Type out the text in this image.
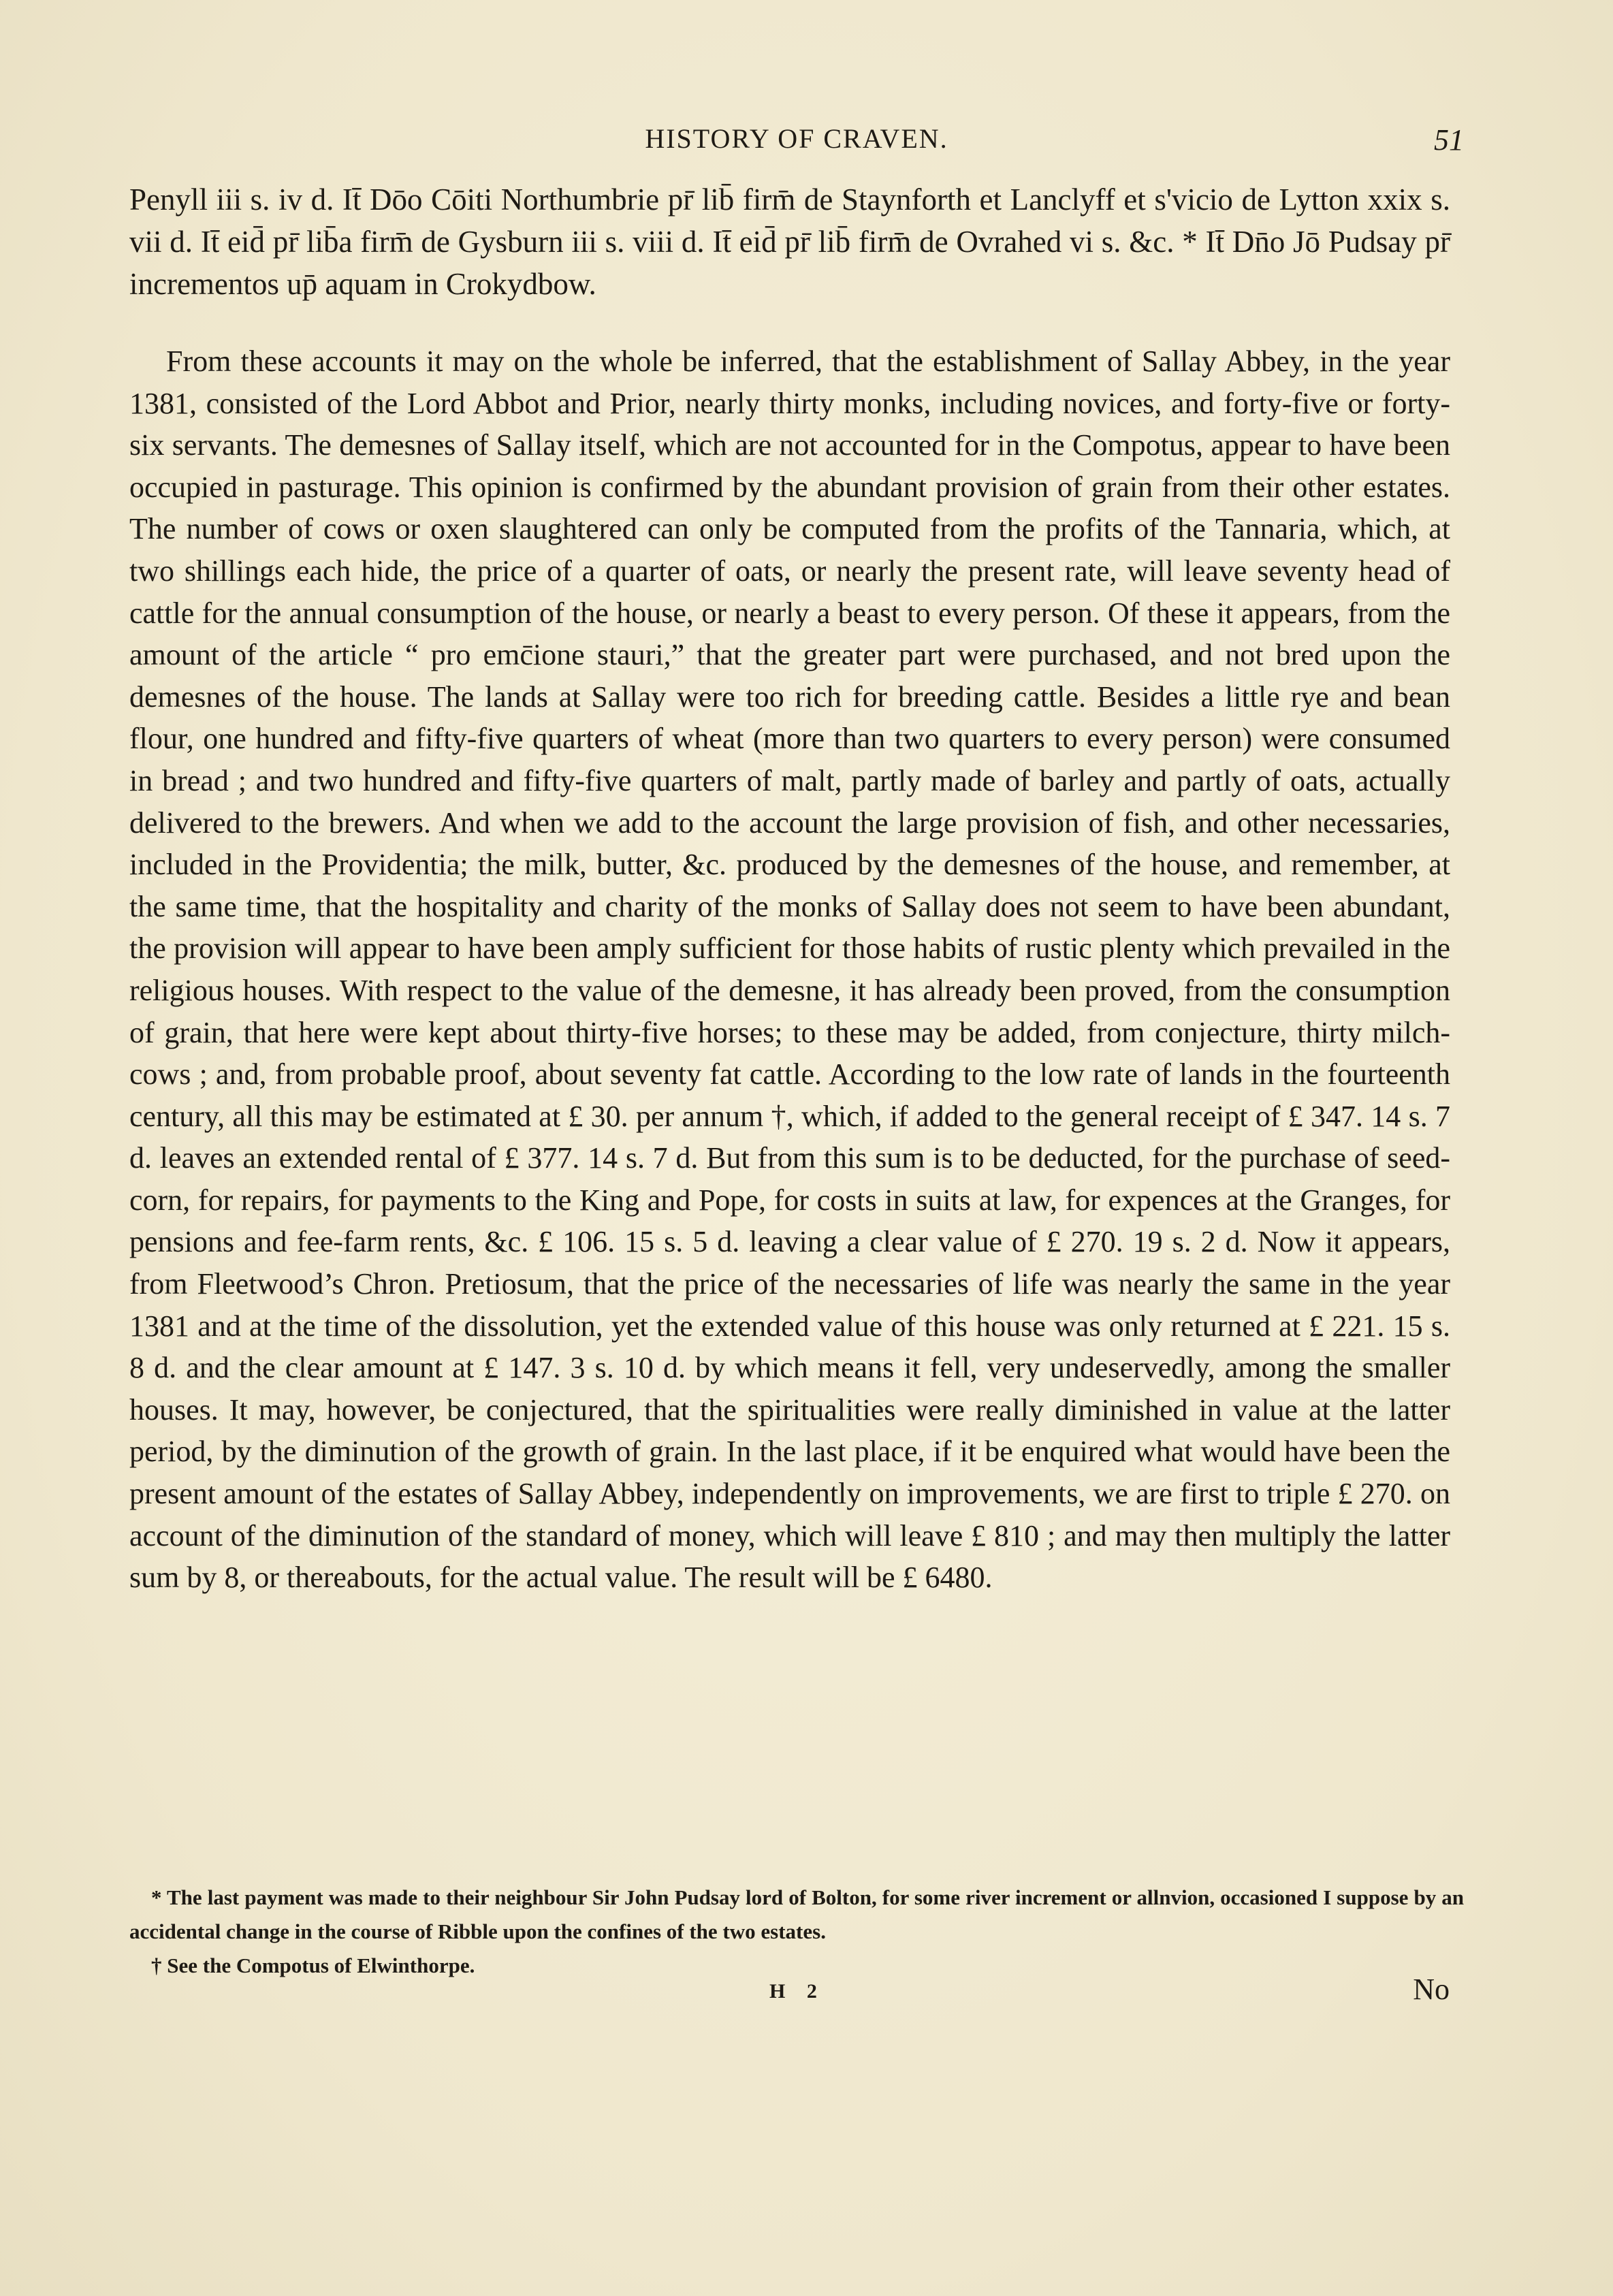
HISTORY OF CRAVEN.	51

Penyll iii s. iv d. It̄ Dōo Cōiti Northumbrie pr̄ lib̄ firm̄ de Staynforth et Lanclyff et s'vicio de Lytton xxix s. vii d. It̄ eid̄ pr̄ lib̄a firm̄ de Gysburn iii s. viii d. It̄ eid̄ pr̄ lib̄ firm̄ de Ovrahed vi s. &c. * It̄ Dn̄o Jō Pudsay pr̄ incrementos up̄ aquam in Crokydbow.

From these accounts it may on the whole be inferred, that the establishment of Sallay Abbey, in the year 1381, consisted of the Lord Abbot and Prior, nearly thirty monks, including novices, and forty-five or forty-six servants. The demesnes of Sallay itself, which are not accounted for in the Compotus, appear to have been occupied in pasturage. This opinion is confirmed by the abundant provision of grain from their other estates. The number of cows or oxen slaughtered can only be computed from the profits of the Tannaria, which, at two shillings each hide, the price of a quarter of oats, or nearly the present rate, will leave seventy head of cattle for the annual consumption of the house, or nearly a beast to every person. Of these it appears, from the amount of the article “ pro emc̄ione stauri,” that the greater part were purchased, and not bred upon the demesnes of the house. The lands at Sallay were too rich for breeding cattle. Besides a little rye and bean flour, one hundred and fifty-five quarters of wheat (more than two quarters to every person) were consumed in bread ; and two hundred and fifty-five quarters of malt, partly made of barley and partly of oats, actually delivered to the brewers. And when we add to the account the large provision of fish, and other necessaries, included in the Providentia; the milk, butter, &c. produced by the demesnes of the house, and remember, at the same time, that the hospitality and charity of the monks of Sallay does not seem to have been abundant, the provision will appear to have been amply sufficient for those habits of rustic plenty which prevailed in the religious houses. With respect to the value of the demesne, it has already been proved, from the consumption of grain, that here were kept about thirty-five horses; to these may be added, from conjecture, thirty milch-cows ; and, from probable proof, about seventy fat cattle. According to the low rate of lands in the fourteenth century, all this may be estimated at £ 30. per annum †, which, if added to the general receipt of £ 347. 14 s. 7 d. leaves an extended rental of £ 377. 14 s. 7 d. But from this sum is to be deducted, for the purchase of seed-corn, for repairs, for payments to the King and Pope, for costs in suits at law, for expences at the Granges, for pensions and fee-farm rents, &c. £ 106. 15 s. 5 d. leaving a clear value of £ 270. 19 s. 2 d. Now it appears, from Fleetwood’s Chron. Pretiosum, that the price of the necessaries of life was nearly the same in the year 1381 and at the time of the dissolution, yet the extended value of this house was only returned at £ 221. 15 s. 8 d. and the clear amount at £ 147. 3 s. 10 d. by which means it fell, very undeservedly, among the smaller houses. It may, however, be conjectured, that the spiritualities were really diminished in value at the latter period, by the diminution of the growth of grain. In the last place, if it be enquired what would have been the present amount of the estates of Sallay Abbey, independently on improvements, we are first to triple £ 270. on account of the diminution of the standard of money, which will leave £ 810 ; and may then multiply the latter sum by 8, or thereabouts, for the actual value. The result will be £ 6480.

* The last payment was made to their neighbour Sir John Pudsay lord of Bolton, for some river increment or allnvion, occasioned I suppose by an accidental change in the course of Ribble upon the confines of the two estates.

† See the Compotus of Elwinthorpe.

H 2	No
